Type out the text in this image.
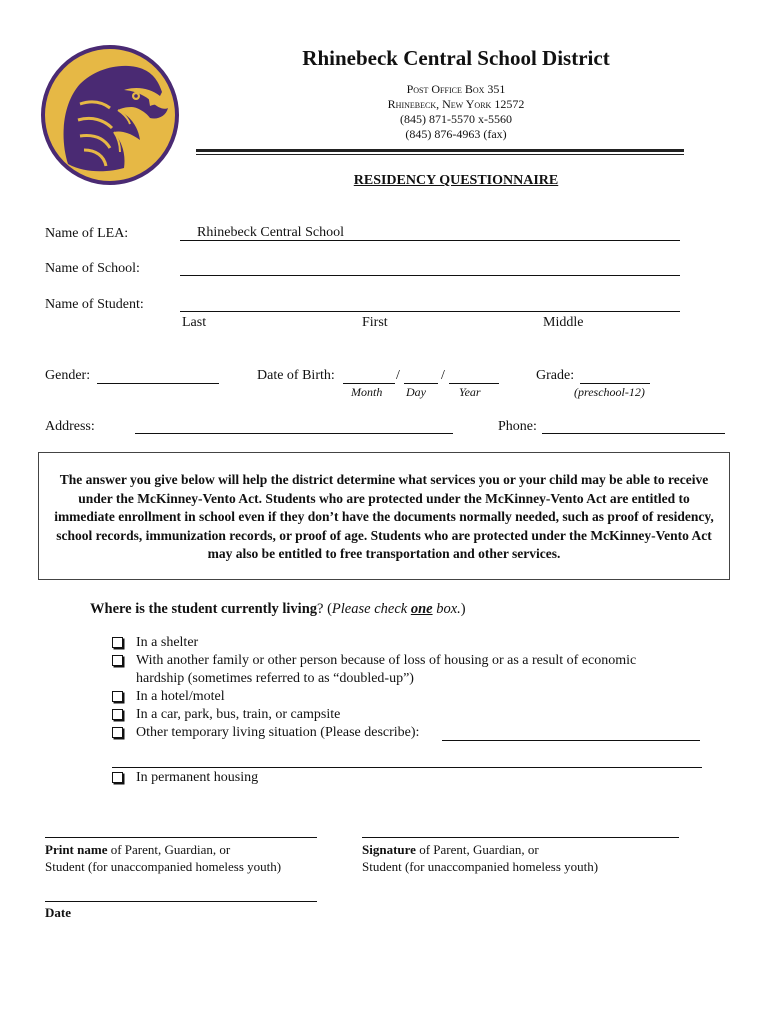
Rhinebeck Central School District
Post Office Box 351
Rhinebeck, New York 12572
(845) 871-5570 x-5560
(845) 876-4963 (fax)
RESIDENCY QUESTIONNAIRE
Name of LEA:	Rhinebeck Central School
Name of School:
Name of Student:
Last	First	Middle
Gender:	Date of Birth:	/	/
Month Day	Year
Grade:
(preschool-12)
Address:	Phone:
The answer you give below will help the district determine what services you or your child may be able to receive under the McKinney-Vento Act. Students who are protected under the McKinney-Vento Act are entitled to immediate enrollment in school even if they don’t have the documents normally needed, such as proof of residency, school records, immunization records, or proof of age. Students who are protected under the McKinney-Vento Act may also be entitled to free transportation and other services.
Where is the student currently living? (Please check one box.)
In a shelter
With another family or other person because of loss of housing or as a result of economic hardship (sometimes referred to as “doubled-up”)
In a hotel/motel
In a car, park, bus, train, or campsite
Other temporary living situation (Please describe):
In permanent housing
Print name of Parent, Guardian, or
Student (for unaccompanied homeless youth)
Signature of Parent, Guardian, or
Student (for unaccompanied homeless youth)
Date
